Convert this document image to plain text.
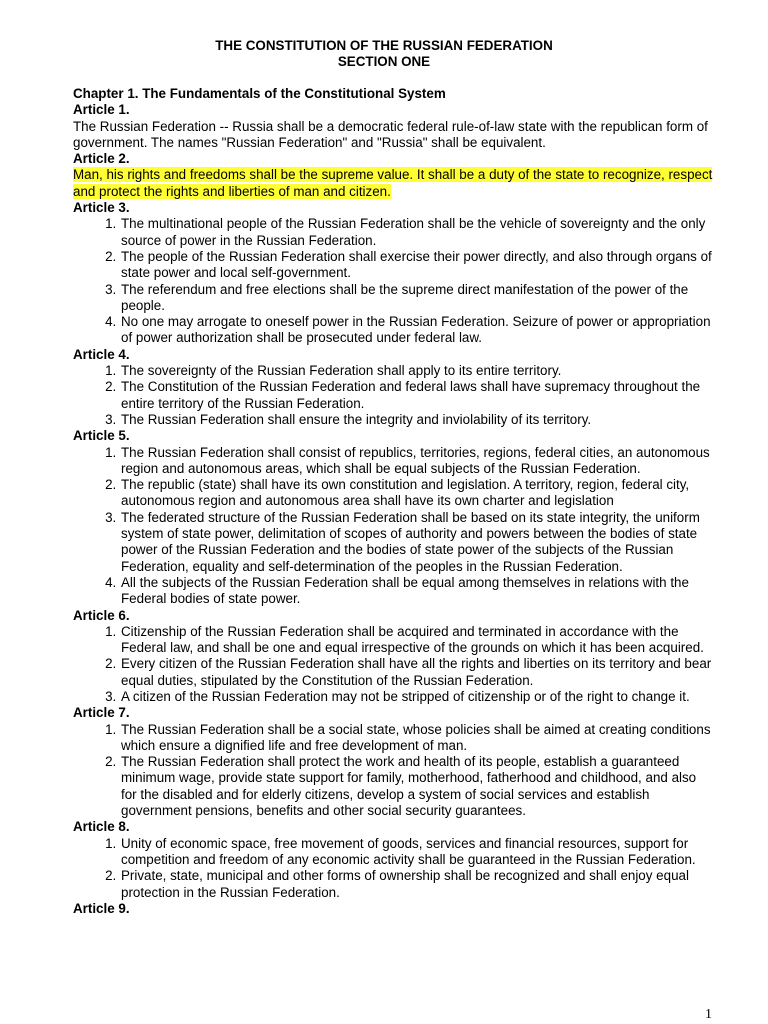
THE CONSTITUTION OF THE RUSSIAN FEDERATION
SECTION ONE
Chapter 1. The Fundamentals of the Constitutional System
Article 1.

The Russian Federation -- Russia shall be a democratic federal rule-of-law state with the republican form of government. The names "Russian Federation" and "Russia" shall be equivalent.

Article 2.

Man, his rights and freedoms shall be the supreme value. It shall be a duty of the state to recognize, respect and protect the rights and liberties of man and citizen.

Article 3.
1. The multinational people of the Russian Federation shall be the vehicle of sovereignty and the only source of power in the Russian Federation.
2. The people of the Russian Federation shall exercise their power directly, and also through organs of state power and local self-government.
3. The referendum and free elections shall be the supreme direct manifestation of the power of the people.
4. No one may arrogate to oneself power in the Russian Federation. Seizure of power or appropriation of power authorization shall be prosecuted under federal law.
Article 4.
1. The sovereignty of the Russian Federation shall apply to its entire territory.
2. The Constitution of the Russian Federation and federal laws shall have supremacy throughout the entire territory of the Russian Federation.
3. The Russian Federation shall ensure the integrity and inviolability of its territory.
Article 5.
1. The Russian Federation shall consist of republics, territories, regions, federal cities, an autonomous region and autonomous areas, which shall be equal subjects of the Russian Federation.
2. The republic (state) shall have its own constitution and legislation. A territory, region, federal city, autonomous region and autonomous area shall have its own charter and legislation
3. The federated structure of the Russian Federation shall be based on its state integrity, the uniform system of state power, delimitation of scopes of authority and powers between the bodies of state power of the Russian Federation and the bodies of state power of the subjects of the Russian Federation, equality and self-determination of the peoples in the Russian Federation.
4. All the subjects of the Russian Federation shall be equal among themselves in relations with the Federal bodies of state power.
Article 6.
1. Citizenship of the Russian Federation shall be acquired and terminated in accordance with the Federal law, and shall be one and equal irrespective of the grounds on which it has been acquired.
2. Every citizen of the Russian Federation shall have all the rights and liberties on its territory and bear equal duties, stipulated by the Constitution of the Russian Federation.
3. A citizen of the Russian Federation may not be stripped of citizenship or of the right to change it.
Article 7.
1. The Russian Federation shall be a social state, whose policies shall be aimed at creating conditions which ensure a dignified life and free development of man.
2. The Russian Federation shall protect the work and health of its people, establish a guaranteed minimum wage, provide state support for family, motherhood, fatherhood and childhood, and also for the disabled and for elderly citizens, develop a system of social services and establish government pensions, benefits and other social security guarantees.
Article 8.
1. Unity of economic space, free movement of goods, services and financial resources, support for competition and freedom of any economic activity shall be guaranteed in the Russian Federation.
2. Private, state, municipal and other forms of ownership shall be recognized and shall enjoy equal protection in the Russian Federation.
Article 9.
1
